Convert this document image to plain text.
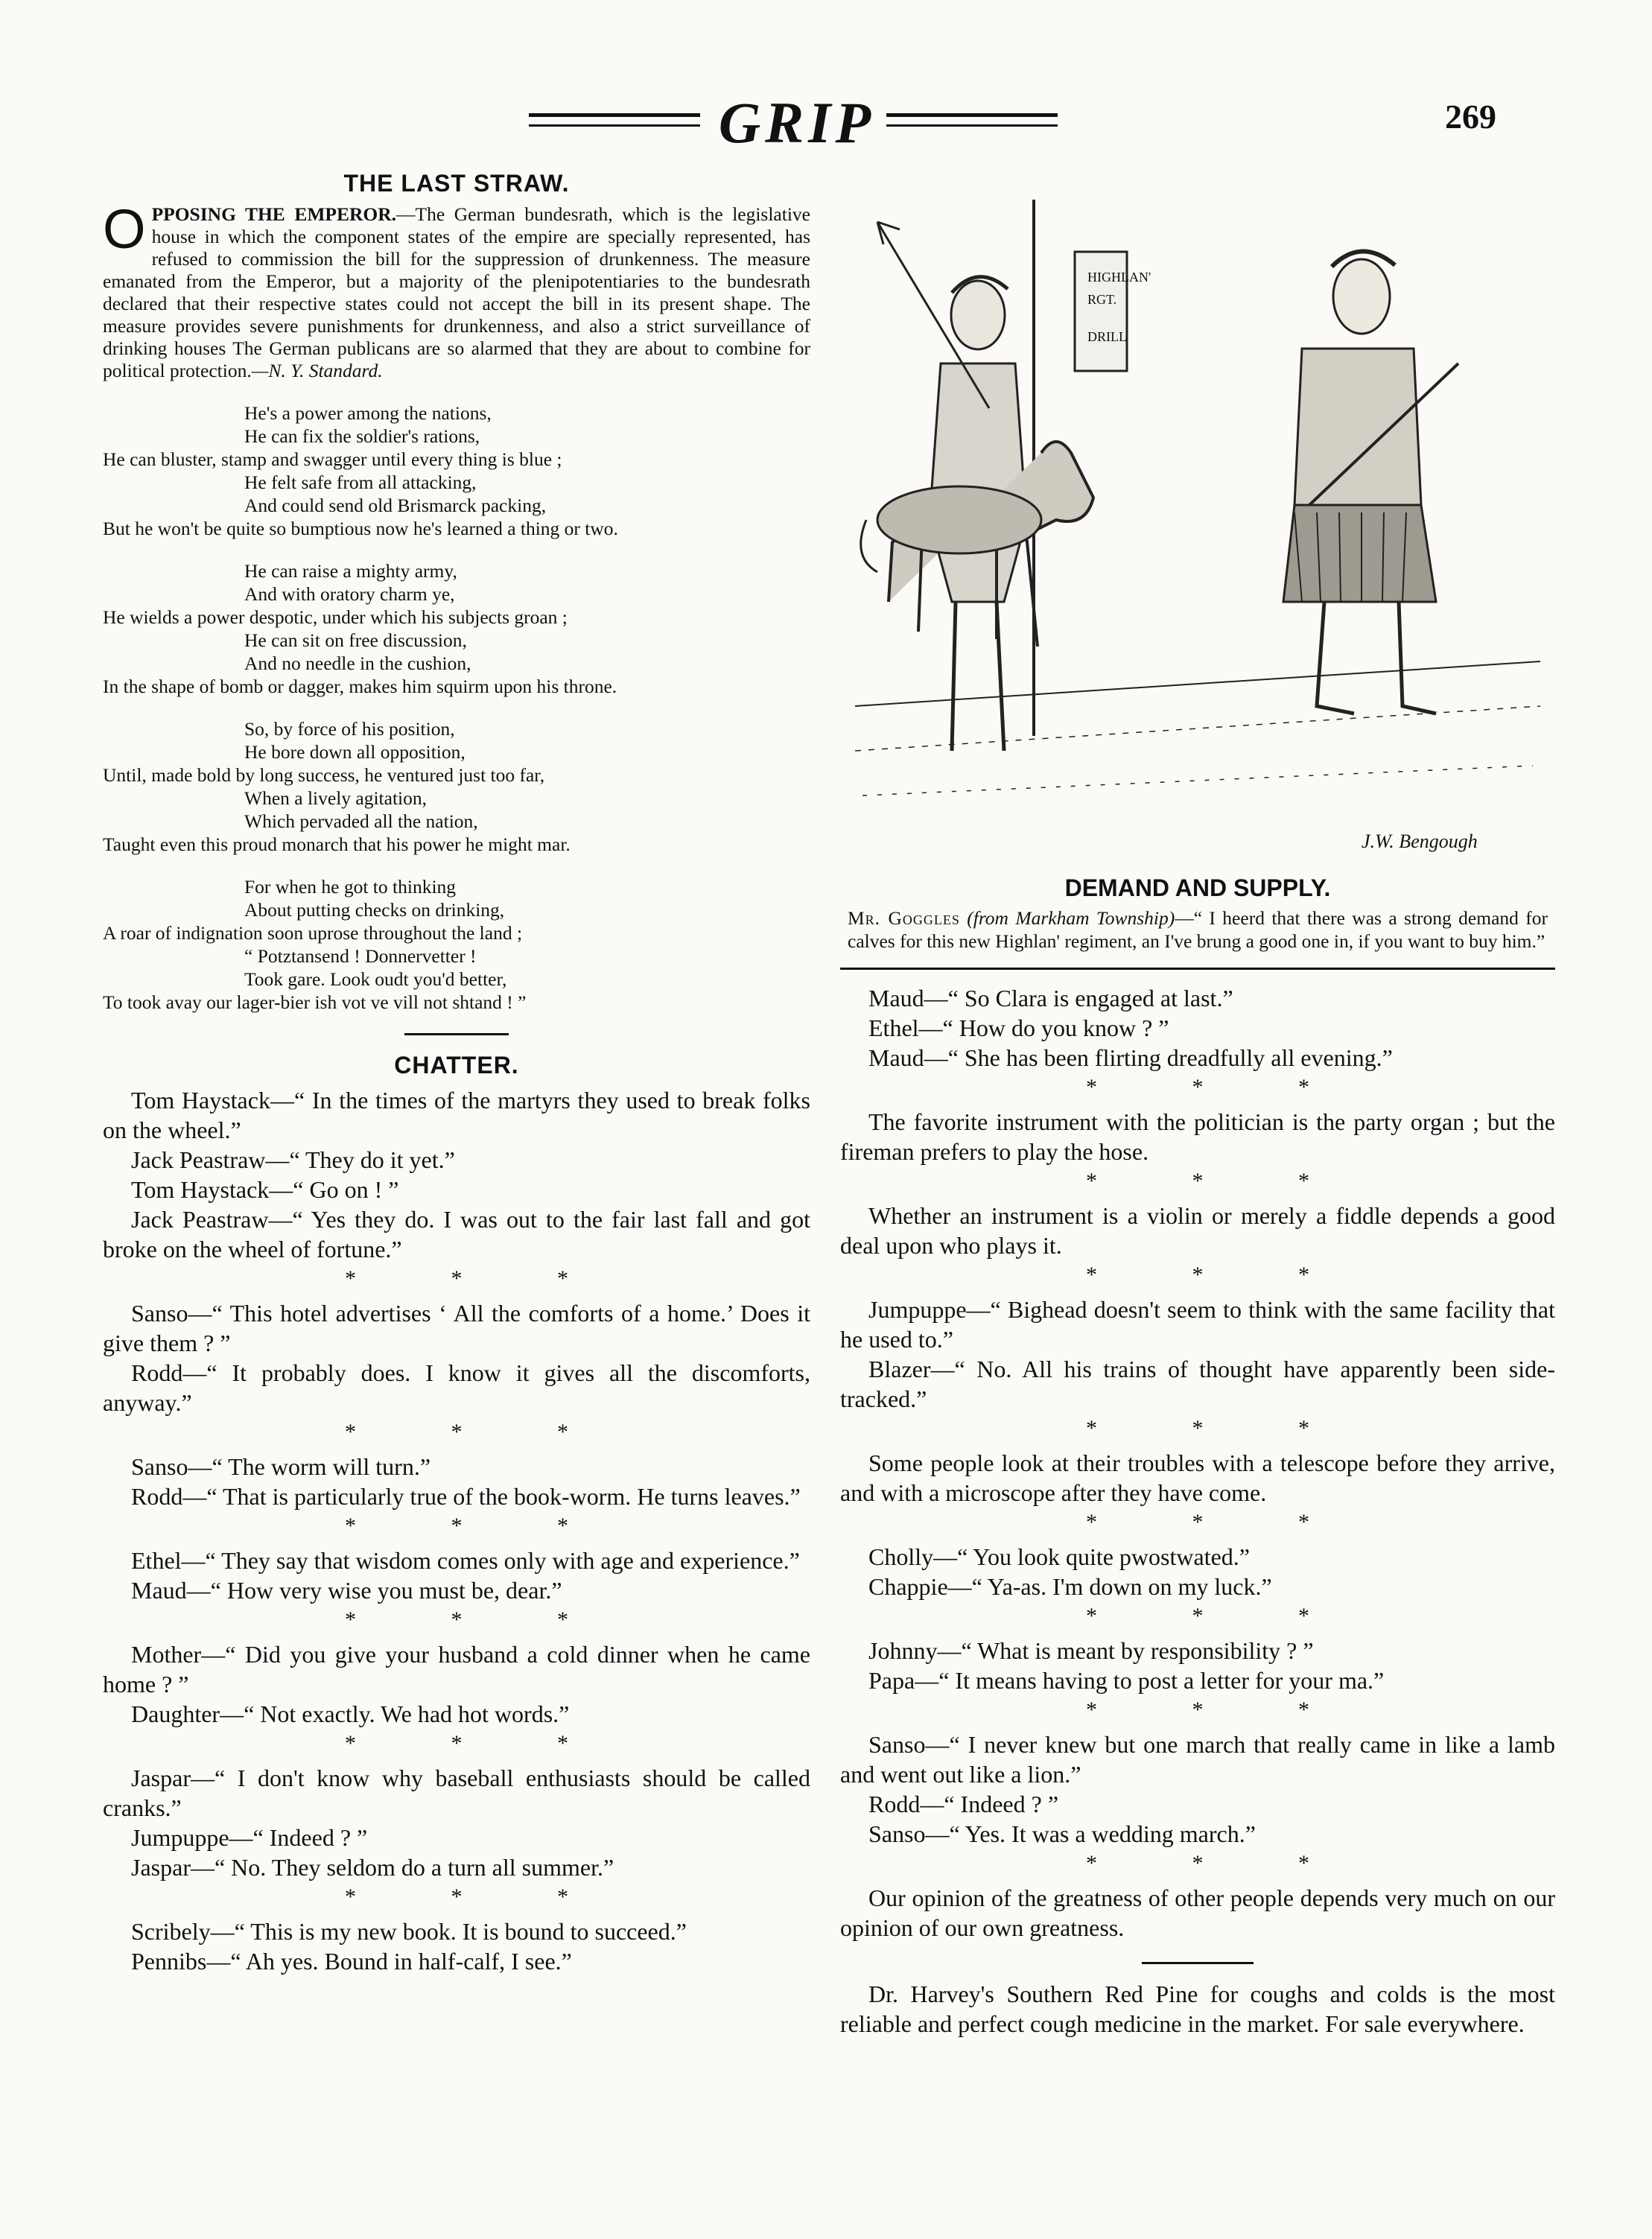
GRIP	269
THE LAST STRAW.
OPPOSING THE EMPEROR.—The German bundesrath, which is the legislative house in which the component states of the empire are specially represented, has refused to commission the bill for the suppression of drunkenness. The measure emanated from the Emperor, but a majority of the plenipotentiaries to the bundesrath declared that their respective states could not accept the bill in its present shape. The measure provides severe punishments for drunkenness, and also a strict surveillance of drinking houses The German publicans are so alarmed that they are about to combine for political protection.—N. Y. Standard.
He's a power among the nations,
He can fix the soldier's rations,
He can bluster, stamp and swagger until every thing is blue ;
He felt safe from all attacking,
And could send old Brismarck packing,
But he won't be quite so bumptious now he's learned a thing or two.
He can raise a mighty army,
And with oratory charm ye,
He wields a power despotic, under which his subjects groan ;
He can sit on free discussion,
And no needle in the cushion,
In the shape of bomb or dagger, makes him squirm upon his throne.
So, by force of his position,
He bore down all opposition,
Until, made bold by long success, he ventured just too far,
When a lively agitation,
Which pervaded all the nation,
Taught even this proud monarch that his power he might mar.
For when he got to thinking
About putting checks on drinking,
A roar of indignation soon uprose throughout the land ;
“ Potztansend ! Donnervetter !
Took gare. Look oudt you'd better,
To took avay our lager-bier ish vot ve vill not shtand ! ”
CHATTER.

Tom Haystack—“ In the times of the martyrs they used to break folks on the wheel.”

Jack Peastraw—“ They do it yet.”

Tom Haystack—“ Go on ! ”

Jack Peastraw—“ Yes they do. I was out to the fair last fall and got broke on the wheel of fortune.”

* * *

Sanso—“ This hotel advertises ‘ All the comforts of a home.’ Does it give them ? ”

Rodd—“ It probably does. I know it gives all the discomforts, anyway.”

* * *

Sanso—“ The worm will turn.”

Rodd—“ That is particularly true of the book-worm. He turns leaves.”

* * *

Ethel—“ They say that wisdom comes only with age and experience.”

Maud—“ How very wise you must be, dear.”

* * *

Mother—“ Did you give your husband a cold dinner when he came home ? ”

Daughter—“ Not exactly. We had hot words.”

* * *

Jaspar—“ I don't know why baseball enthusiasts should be called cranks.”

Jumpuppe—“ Indeed ? ”

Jaspar—“ No. They seldom do a turn all summer.”

* * *

Scribely—“ This is my new book. It is bound to succeed.”

Pennibs—“ Ah yes. Bound in half-calf, I see.”

HIGHLAN'
RGT.
DRILL
J.W. Bengough
DEMAND AND SUPPLY.
Mr. Goggles (from Markham Township)—“ I heerd that there was a strong demand for calves for this new Highlan' regiment, an I've brung a good one in, if you want to buy him.”

Maud—“ So Clara is engaged at last.”

Ethel—“ How do you know ? ”

Maud—“ She has been flirting dreadfully all evening.”

* * *

The favorite instrument with the politician is the party organ ; but the fireman prefers to play the hose.

* * *

Whether an instrument is a violin or merely a fiddle depends a good deal upon who plays it.

* * *

Jumpuppe—“ Bighead doesn't seem to think with the same facility that he used to.”

Blazer—“ No. All his trains of thought have apparently been side-tracked.”

* * *

Some people look at their troubles with a telescope before they arrive, and with a microscope after they have come.

* * *

Cholly—“ You look quite pwostwated.”

Chappie—“ Ya-as. I'm down on my luck.”

* * *

Johnny—“ What is meant by responsibility ? ”

Papa—“ It means having to post a letter for your ma.”

* * *

Sanso—“ I never knew but one march that really came in like a lamb and went out like a lion.”

Rodd—“ Indeed ? ”

Sanso—“ Yes. It was a wedding march.”

* * *

Our opinion of the greatness of other people depends very much on our opinion of our own greatness.

Dr. Harvey's Southern Red Pine for coughs and colds is the most reliable and perfect cough medicine in the market. For sale everywhere.
